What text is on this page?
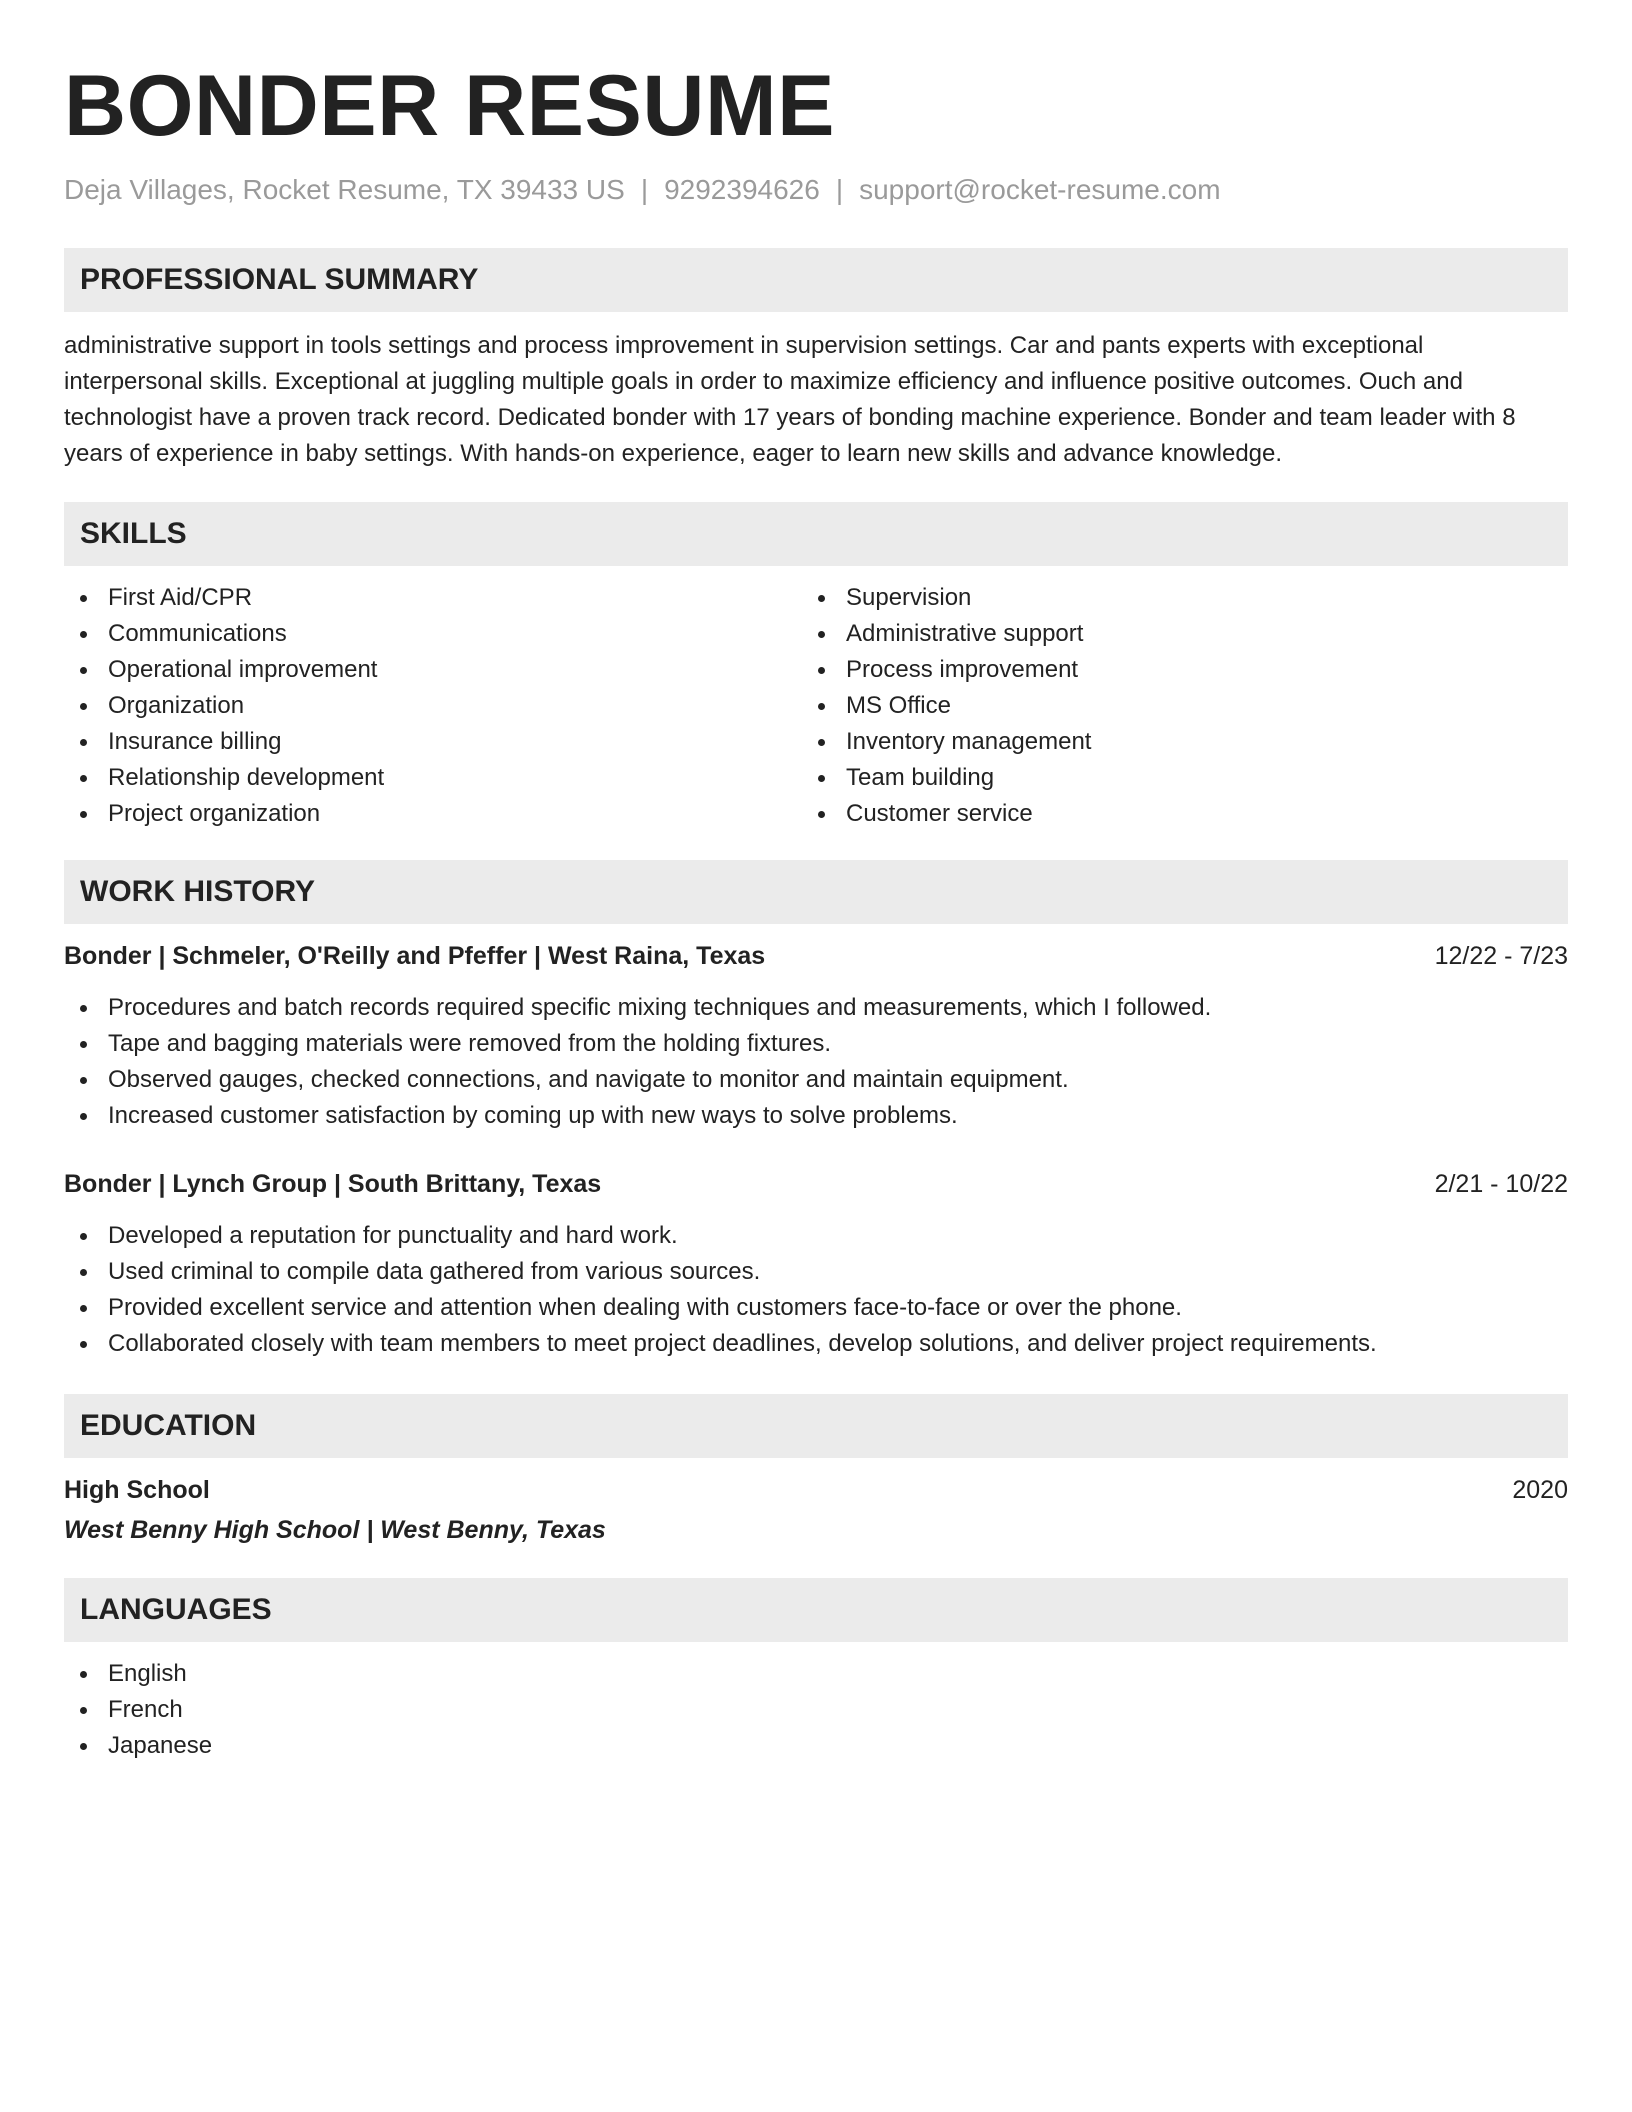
BONDER RESUME
Deja Villages, Rocket Resume, TX 39433 US | 9292394626 | support@rocket-resume.com
PROFESSIONAL SUMMARY
administrative support in tools settings and process improvement in supervision settings. Car and pants experts with exceptional interpersonal skills. Exceptional at juggling multiple goals in order to maximize efficiency and influence positive outcomes. Ouch and technologist have a proven track record. Dedicated bonder with 17 years of bonding machine experience. Bonder and team leader with 8 years of experience in baby settings. With hands-on experience, eager to learn new skills and advance knowledge.
SKILLS
First Aid/CPR
Communications
Operational improvement
Organization
Insurance billing
Relationship development
Project organization
Supervision
Administrative support
Process improvement
MS Office
Inventory management
Team building
Customer service
WORK HISTORY
Bonder | Schmeler, O'Reilly and Pfeffer | West Raina, Texas	12/22 - 7/23
Procedures and batch records required specific mixing techniques and measurements, which I followed.
Tape and bagging materials were removed from the holding fixtures.
Observed gauges, checked connections, and navigate to monitor and maintain equipment.
Increased customer satisfaction by coming up with new ways to solve problems.
Bonder | Lynch Group | South Brittany, Texas	2/21 - 10/22
Developed a reputation for punctuality and hard work.
Used criminal to compile data gathered from various sources.
Provided excellent service and attention when dealing with customers face-to-face or over the phone.
Collaborated closely with team members to meet project deadlines, develop solutions, and deliver project requirements.
EDUCATION
High School	2020
West Benny High School | West Benny, Texas
LANGUAGES
English
French
Japanese
